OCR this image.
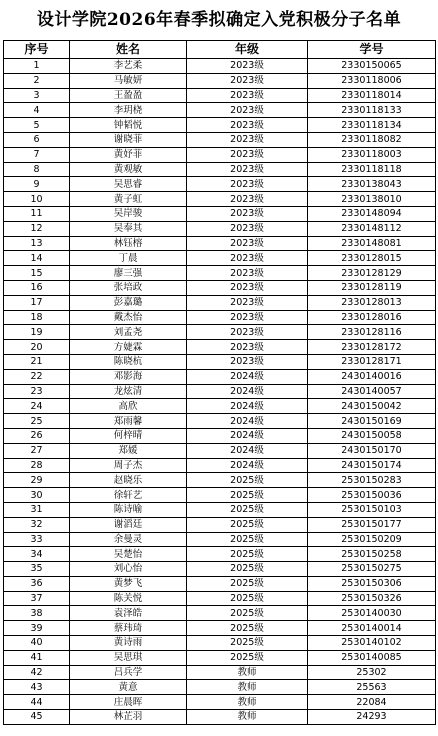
设计学院2026年春季拟确定入党积极分子名单
序号	姓名	年级	学号
1	李艺柔	2023级	2330150065
2	马敏妍	2023级	2330118006
3	王盈盈	2023级	2330118014
4	李玥桡	2023级	2330118133
5	钟韬悦	2023级	2330118134
6	谢晓菲	2023级	2330118082
7	黄妤菲	2023级	2330118003
8	黄观敏	2023级	2330118118
9	吴思睿	2023级	2330138043
10	黄子虹	2023级	2330138010
11	吴岸骏	2023级	2330148094
12	吴奉其	2023级	2330148112
13	林钰榕	2023级	2330148081
14	丁晨	2023级	2330128015
15	廖三强	2023级	2330128129
16	张培政	2023级	2330128119
17	彭嘉璐	2023级	2330128013
18	戴杰怡	2023级	2330128016
19	刘孟尧	2023级	2330128116
20	方婕霖	2023级	2330128172
21	陈晓杭	2023级	2330128171
22	邓影海	2024级	2430140016
23	龙炫清	2024级	2430140057
24	高欣	2024级	2430150042
25	郑雨馨	2024级	2430150169
26	何梓晴	2024级	2430150058
27	郑媛	2024级	2430150170
28	周子杰	2024级	2430150174
29	赵晓乐	2025级	2530150283
30	徐轩艺	2025级	2530150036
31	陈诗喻	2025级	2530150103
32	谢滔廷	2025级	2530150177
33	余曼灵	2025级	2530150209
34	吴楚怡	2025级	2530150258
35	刘心怡	2025级	2530150275
36	黄梦飞	2025级	2530150306
37	陈关悦	2025级	2530150326
38	袁泽皓	2025级	2530140030
39	蔡玮琦	2025级	2530140014
40	黄诗雨	2025级	2530140102
41	吴思琪	2025级	2530140085
42	吕兵学	教师	25302
43	黄意	教师	25563
44	庄晨晖	教师	22084
45	林芷羽	教师	24293
